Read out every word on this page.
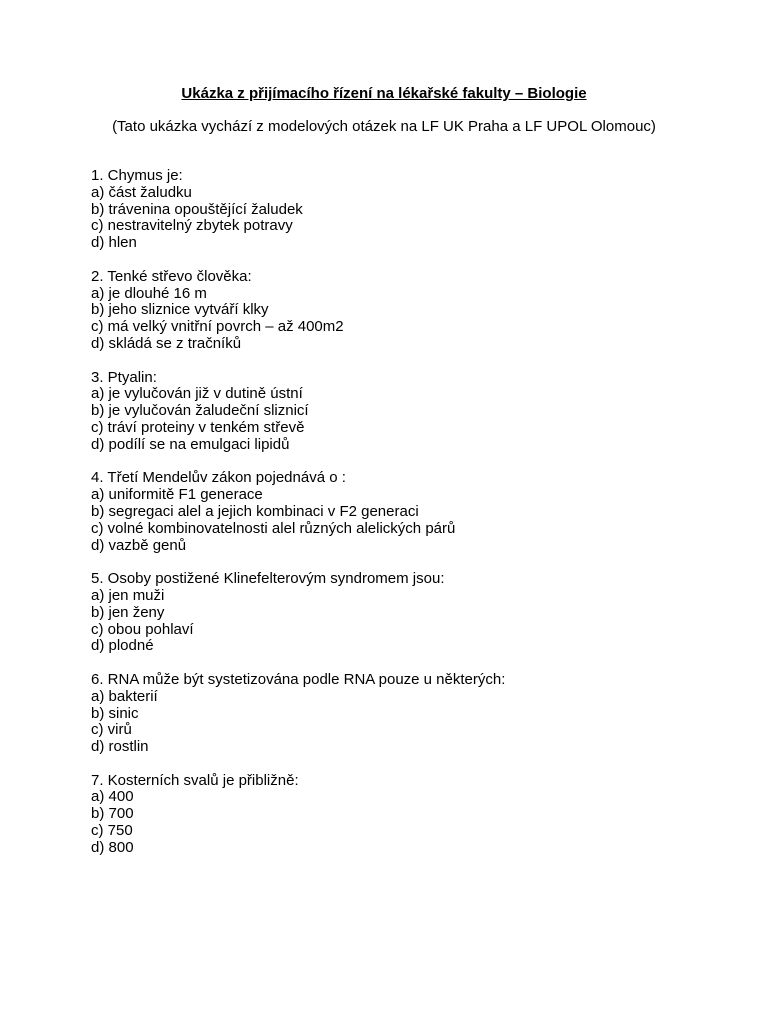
Ukázka z přijímacího řízení na lékařské fakulty – Biologie
(Tato ukázka vychází z modelových otázek na LF UK Praha a LF UPOL Olomouc)
1. Chymus je:
a) část žaludku
b) trávenina opouštějící žaludek
c) nestravitelný zbytek potravy
d) hlen
2. Tenké střevo člověka:
a) je dlouhé 16 m
b) jeho sliznice vytváří klky
c) má velký vnitřní povrch – až 400m2
d) skládá se z tračníků
3. Ptyalin:
a) je vylučován již v dutině ústní
b) je vylučován žaludeční sliznicí
c) tráví proteiny v tenkém střevě
d) podílí se na emulgaci lipidů
4. Třetí Mendelův zákon pojednává o :
a) uniformitě F1 generace
b) segregaci alel a jejich kombinaci v F2 generaci
c) volné kombinovatelnosti alel různých alelických párů
d) vazbě genů
5. Osoby postižené Klinefelterovým syndromem jsou:
a) jen muži
b) jen ženy
c) obou pohlaví
d) plodné
6. RNA může být systetizována podle RNA pouze u některých:
a) bakterií
b) sinic
c) virů
d) rostlin
7. Kosterních svalů je přibližně:
a) 400
b) 700
c) 750
d) 800
